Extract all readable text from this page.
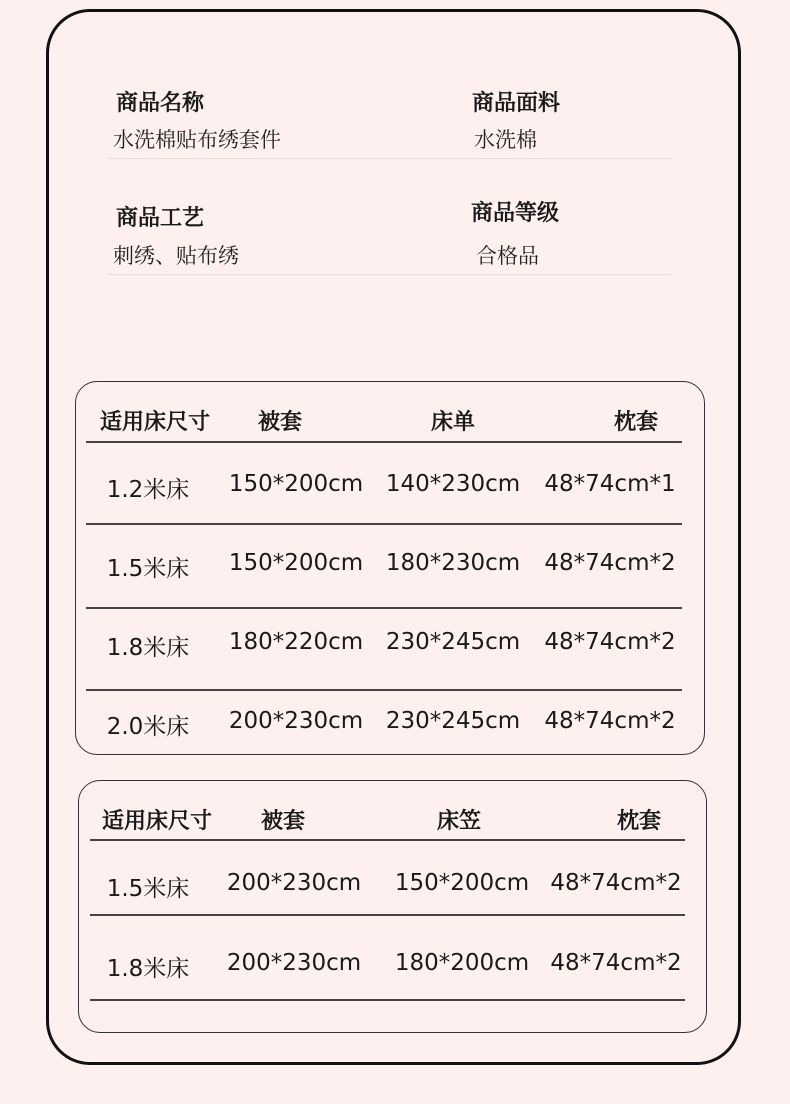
商品名称
水洗棉贴布绣套件
商品面料
水洗棉
商品工艺
刺绣、贴布绣
商品等级
合格品
适用床尺寸 被套	床单	枕套
1.2米床 150*200cm 140*230cm 48*74cm*1
1.5米床 150*200cm 180*230cm 48*74cm*2
1.8米床 180*220cm 230*245cm 48*74cm*2
2.0米床 200*230cm 230*245cm 48*74cm*2
适用床尺寸 被套	床笠	枕套
1.5米床 200*230cm 150*200cm 48*74cm*2
1.8米床 200*230cm 180*200cm 48*74cm*2
